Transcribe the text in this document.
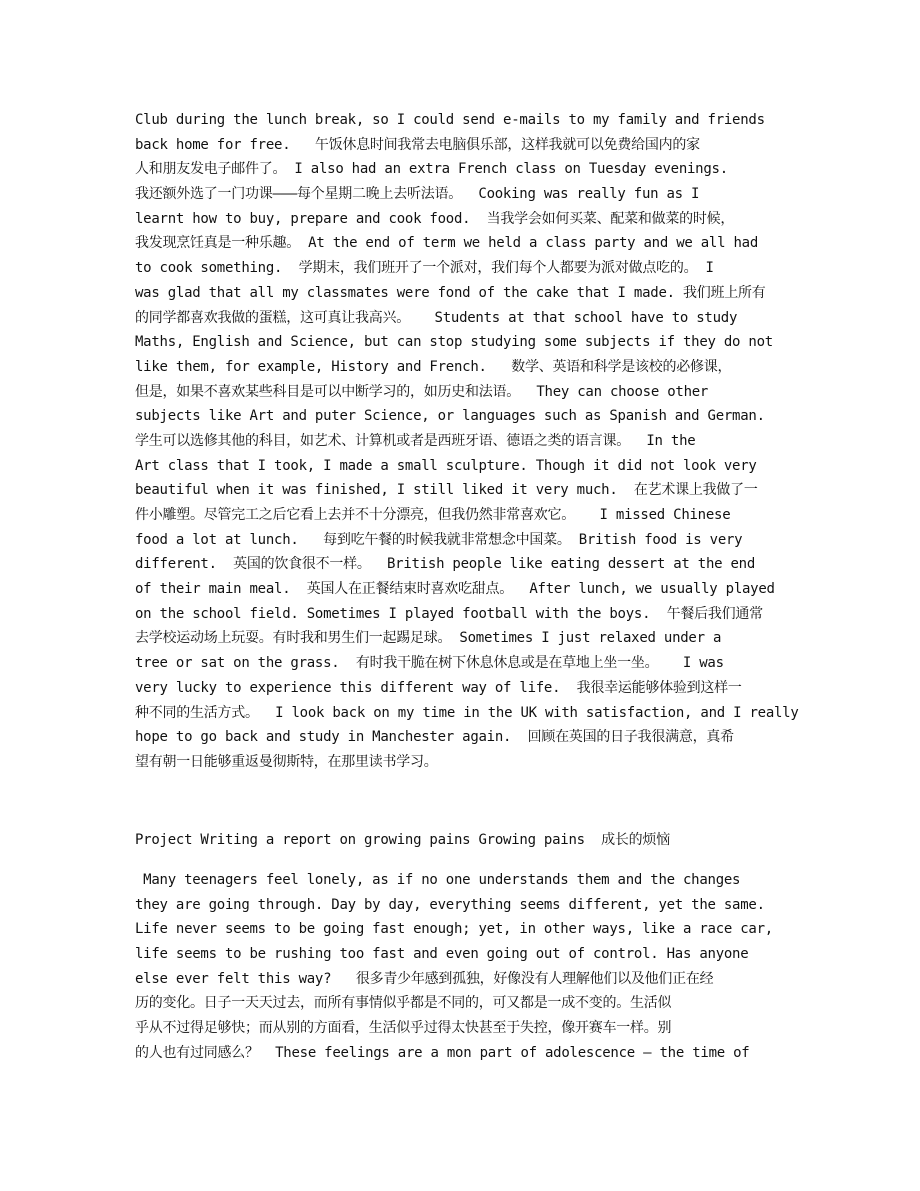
Club during the lunch break, so I could send e-mails to my family and friends
back home for free.   午饭休息时间我常去电脑俱乐部，这样我就可以免费给国内的家
人和朋友发电子邮件了。 I also had an extra French class on Tuesday evenings.
我还额外选了一门功课———每个星期二晚上去听法语。  Cooking was really fun as I
learnt how to buy, prepare and cook food.  当我学会如何买菜、配菜和做菜的时候，
我发现烹饪真是一种乐趣。 At the end of term we held a class party and we all had
to cook something.  学期末，我们班开了一个派对，我们每个人都要为派对做点吃的。 I
was glad that all my classmates were fond of the cake that I made. 我们班上所有
的同学都喜欢我做的蛋糕，这可真让我高兴。   Students at that school have to study
Maths, English and Science, but can stop studying some subjects if they do not
like them, for example, History and French.   数学、英语和科学是该校的必修课，
但是，如果不喜欢某些科目是可以中断学习的，如历史和法语。  They can choose other
subjects like Art and puter Science, or languages such as Spanish and German.
学生可以选修其他的科目，如艺术、计算机或者是西班牙语、德语之类的语言课。  In the
Art class that I took, I made a small sculpture. Though it did not look very
beautiful when it was finished, I still liked it very much.  在艺术课上我做了一
件小雕塑。尽管完工之后它看上去并不十分漂亮，但我仍然非常喜欢它。   I missed Chinese
food a lot at lunch.   每到吃午餐的时候我就非常想念中国菜。 British food is very
different.  英国的饮食很不一样。  British people like eating dessert at the end
of their main meal.  英国人在正餐结束时喜欢吃甜点。  After lunch, we usually played
on the school field. Sometimes I played football with the boys.  午餐后我们通常
去学校运动场上玩耍。有时我和男生们一起踢足球。 Sometimes I just relaxed under a
tree or sat on the grass.  有时我干脆在树下休息休息或是在草地上坐一坐。   I was
very lucky to experience this different way of life.  我很幸运能够体验到这样一
种不同的生活方式。  I look back on my time in the UK with satisfaction, and I really
hope to go back and study in Manchester again.  回顾在英国的日子我很满意，真希
望有朝一日能够重返曼彻斯特，在那里读书学习。
Project Writing a report on growing pains Growing pains  成长的烦恼
Many teenagers feel lonely, as if no one understands them and the changes
they are going through. Day by day, everything seems different, yet the same.
Life never seems to be going fast enough; yet, in other ways, like a race car,
life seems to be rushing too fast and even going out of control. Has anyone
else ever felt this way?   很多青少年感到孤独，好像没有人理解他们以及他们正在经
历的变化。日子一天天过去，而所有事情似乎都是不同的，可又都是一成不变的。生活似
乎从不过得足够快；而从别的方面看，生活似乎过得太快甚至于失控，像开赛车一样。别
的人也有过同感么？  These feelings are a mon part of adolescence – the time of
